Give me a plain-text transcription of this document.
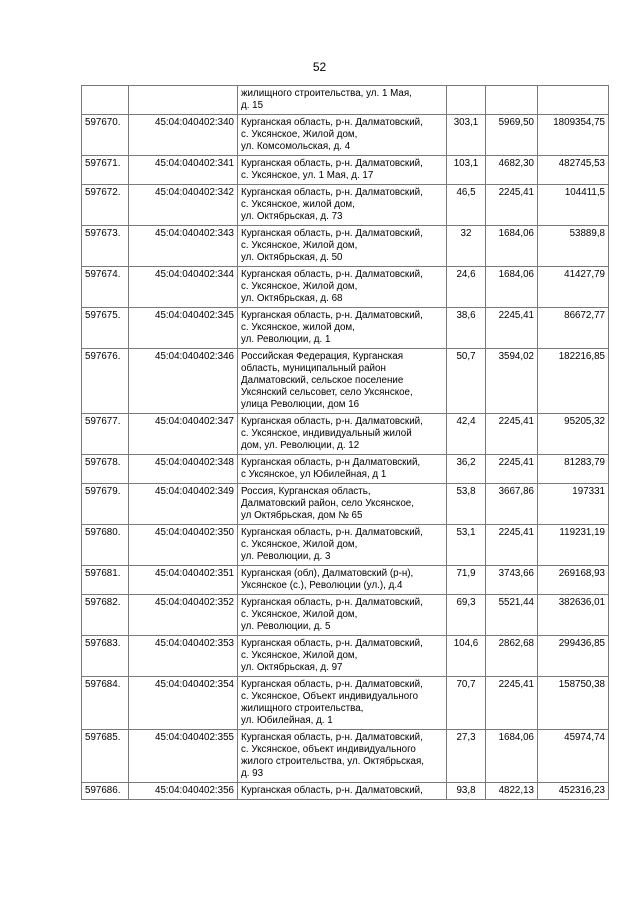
52
		жилищного строительства, ул. 1 Мая,
д. 15			
597670.	45:04:040402:340	Курганская область, р-н. Далматовский,
с. Уксянское, Жилой дом,
ул. Комсомольская, д. 4	303,1	5969,50	1809354,75
597671.	45:04:040402:341	Курганская область, р-н. Далматовский,
с. Уксянское, ул. 1 Мая, д. 17	103,1	4682,30	482745,53
597672.	45:04:040402:342	Курганская область, р-н. Далматовский,
с. Уксянское, жилой дом,
ул. Октябрьская, д. 73	46,5	2245,41	104411,5
597673.	45:04:040402:343	Курганская область, р-н. Далматовский,
с. Уксянское, Жилой дом,
ул. Октябрьская, д. 50	32	1684,06	53889,8
597674.	45:04:040402:344	Курганская область, р-н. Далматовский,
с. Уксянское, Жилой дом,
ул. Октябрьская, д. 68	24,6	1684,06	41427,79
597675.	45:04:040402:345	Курганская область, р-н. Далматовский,
с. Уксянское, жилой дом,
ул. Революции, д. 1	38,6	2245,41	86672,77
597676.	45:04:040402:346	Российская Федерация, Курганская
область, муниципальный район
Далматовский, сельское поселение
Уксянский сельсовет, село Уксянское,
улица Революции, дом 16	50,7	3594,02	182216,85
597677.	45:04:040402:347	Курганская область, р-н. Далматовский,
с. Уксянское, индивидуальный жилой
дом, ул. Революции, д. 12	42,4	2245,41	95205,32
597678.	45:04:040402:348	Курганская область, р-н Далматовский,
с Уксянское, ул Юбилейная, д 1	36,2	2245,41	81283,79
597679.	45:04:040402:349	Россия, Курганская область,
Далматовский район, село Уксянское,
ул Октябрьская, дом № 65	53,8	3667,86	197331
597680.	45:04:040402:350	Курганская область, р-н. Далматовский,
с. Уксянское, Жилой дом,
ул. Революции, д. 3	53,1	2245,41	119231,19
597681.	45:04:040402:351	Курганская (обл), Далматовский (р-н),
Уксянское (с.), Революции (ул.), д.4	71,9	3743,66	269168,93
597682.	45:04:040402:352	Курганская область, р-н. Далматовский,
с. Уксянское, Жилой дом,
ул. Революции, д. 5	69,3	5521,44	382636,01
597683.	45:04:040402:353	Курганская область, р-н. Далматовский,
с. Уксянское, Жилой дом,
ул. Октябрьская, д. 97	104,6	2862,68	299436,85
597684.	45:04:040402:354	Курганская область, р-н. Далматовский,
с. Уксянское, Объект индивидуального
жилищного строительства,
ул. Юбилейная, д. 1	70,7	2245,41	158750,38
597685.	45:04:040402:355	Курганская область, р-н. Далматовский,
с. Уксянское, объект индивидуального
жилого строительства, ул. Октябрьская,
д. 93	27,3	1684,06	45974,74
597686.	45:04:040402:356	Курганская область, р-н. Далматовский,	93,8	4822,13	452316,23
